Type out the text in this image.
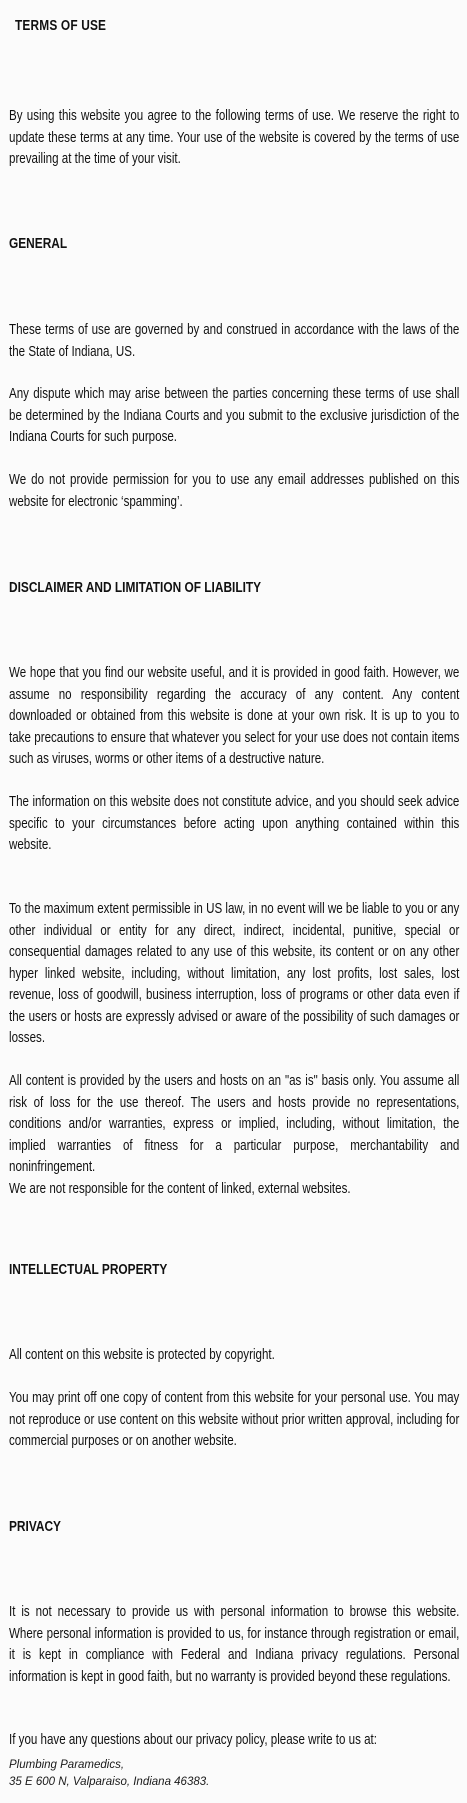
TERMS OF USE
By using this website you agree to the following terms of use. We reserve the right to update these terms at any time. Your use of the website is covered by the terms of use prevailing at the time of your visit.
GENERAL
These terms of use are governed by and construed in accordance with the laws of the the State of Indiana, US.
Any dispute which may arise between the parties concerning these terms of use shall be determined by the Indiana Courts and you submit to the exclusive jurisdiction of the Indiana Courts for such purpose.
We do not provide permission for you to use any email addresses published on this website for electronic ‘spamming’.
DISCLAIMER AND LIMITATION OF LIABILITY
We hope that you find our website useful, and it is provided in good faith. However, we assume no responsibility regarding the accuracy of any content. Any content downloaded or obtained from this website is done at your own risk. It is up to you to take precautions to ensure that whatever you select for your use does not contain items such as viruses, worms or other items of a destructive nature.
The information on this website does not constitute advice, and you should seek advice specific to your circumstances before acting upon anything contained within this website.
To the maximum extent permissible in US law, in no event will we be liable to you or any other individual or entity for any direct, indirect, incidental, punitive, special or consequential damages related to any use of this website, its content or on any other hyper linked website, including, without limitation, any lost profits, lost sales, lost revenue, loss of goodwill, business interruption, loss of programs or other data even if the users or hosts are expressly advised or aware of the possibility of such damages or losses.
All content is provided by the users and hosts on an "as is" basis only. You assume all risk of loss for the use thereof. The users and hosts provide no representations, conditions and/or warranties, express or implied, including, without limitation, the implied warranties of fitness for a particular purpose, merchantability and noninfringement.
We are not responsible for the content of linked, external websites.
INTELLECTUAL PROPERTY
All content on this website is protected by copyright.
You may print off one copy of content from this website for your personal use. You may not reproduce or use content on this website without prior written approval, including for commercial purposes or on another website.
PRIVACY
It is not necessary to provide us with personal information to browse this website. Where personal information is provided to us, for instance through registration or email, it is kept in compliance with Federal and Indiana privacy regulations. Personal information is kept in good faith, but no warranty is provided beyond these regulations.
If you have any questions about our privacy policy, please write to us at:
Plumbing Paramedics,
35 E 600 N, Valparaiso, Indiana 46383.
